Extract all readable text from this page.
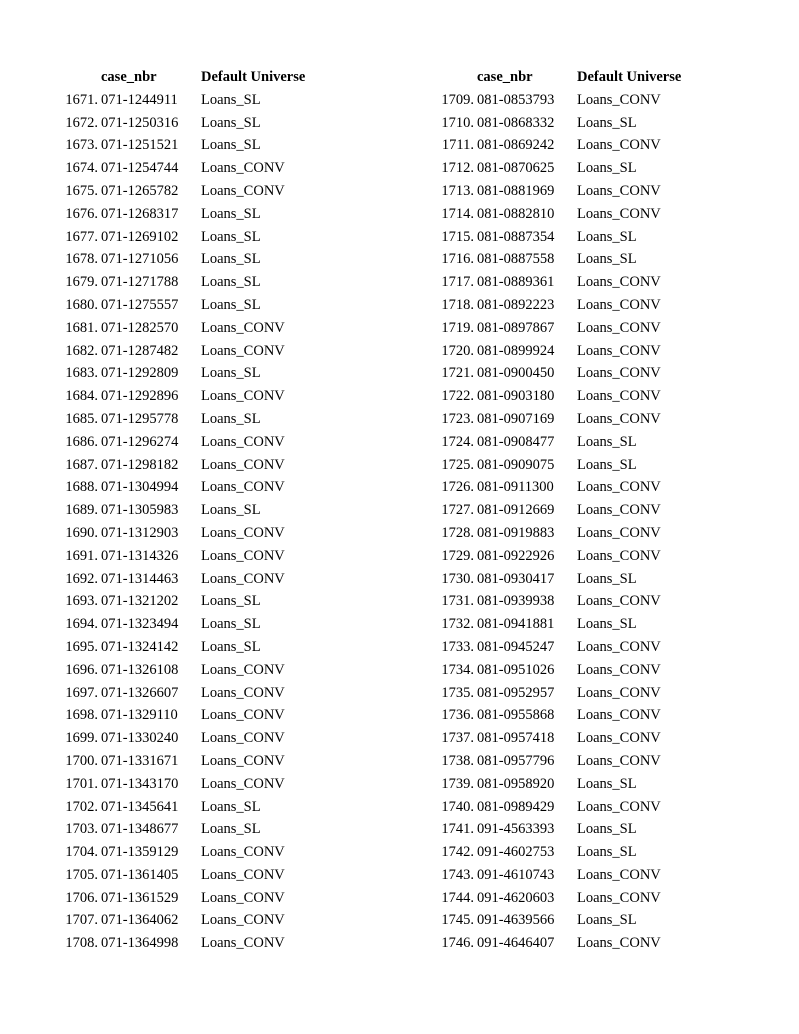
	case_nbr	Default Universe
1671.	071-1244911	Loans_SL
1672.	071-1250316	Loans_SL
1673.	071-1251521	Loans_SL
1674.	071-1254744	Loans_CONV
1675.	071-1265782	Loans_CONV
1676.	071-1268317	Loans_SL
1677.	071-1269102	Loans_SL
1678.	071-1271056	Loans_SL
1679.	071-1271788	Loans_SL
1680.	071-1275557	Loans_SL
1681.	071-1282570	Loans_CONV
1682.	071-1287482	Loans_CONV
1683.	071-1292809	Loans_SL
1684.	071-1292896	Loans_CONV
1685.	071-1295778	Loans_SL
1686.	071-1296274	Loans_CONV
1687.	071-1298182	Loans_CONV
1688.	071-1304994	Loans_CONV
1689.	071-1305983	Loans_SL
1690.	071-1312903	Loans_CONV
1691.	071-1314326	Loans_CONV
1692.	071-1314463	Loans_CONV
1693.	071-1321202	Loans_SL
1694.	071-1323494	Loans_SL
1695.	071-1324142	Loans_SL
1696.	071-1326108	Loans_CONV
1697.	071-1326607	Loans_CONV
1698.	071-1329110	Loans_CONV
1699.	071-1330240	Loans_CONV
1700.	071-1331671	Loans_CONV
1701.	071-1343170	Loans_CONV
1702.	071-1345641	Loans_SL
1703.	071-1348677	Loans_SL
1704.	071-1359129	Loans_CONV
1705.	071-1361405	Loans_CONV
1706.	071-1361529	Loans_CONV
1707.	071-1364062	Loans_CONV
1708.	071-1364998	Loans_CONV
	case_nbr	Default Universe
1709.	081-0853793	Loans_CONV
1710.	081-0868332	Loans_SL
1711.	081-0869242	Loans_CONV
1712.	081-0870625	Loans_SL
1713.	081-0881969	Loans_CONV
1714.	081-0882810	Loans_CONV
1715.	081-0887354	Loans_SL
1716.	081-0887558	Loans_SL
1717.	081-0889361	Loans_CONV
1718.	081-0892223	Loans_CONV
1719.	081-0897867	Loans_CONV
1720.	081-0899924	Loans_CONV
1721.	081-0900450	Loans_CONV
1722.	081-0903180	Loans_CONV
1723.	081-0907169	Loans_CONV
1724.	081-0908477	Loans_SL
1725.	081-0909075	Loans_SL
1726.	081-0911300	Loans_CONV
1727.	081-0912669	Loans_CONV
1728.	081-0919883	Loans_CONV
1729.	081-0922926	Loans_CONV
1730.	081-0930417	Loans_SL
1731.	081-0939938	Loans_CONV
1732.	081-0941881	Loans_SL
1733.	081-0945247	Loans_CONV
1734.	081-0951026	Loans_CONV
1735.	081-0952957	Loans_CONV
1736.	081-0955868	Loans_CONV
1737.	081-0957418	Loans_CONV
1738.	081-0957796	Loans_CONV
1739.	081-0958920	Loans_SL
1740.	081-0989429	Loans_CONV
1741.	091-4563393	Loans_SL
1742.	091-4602753	Loans_SL
1743.	091-4610743	Loans_CONV
1744.	091-4620603	Loans_CONV
1745.	091-4639566	Loans_SL
1746.	091-4646407	Loans_CONV
